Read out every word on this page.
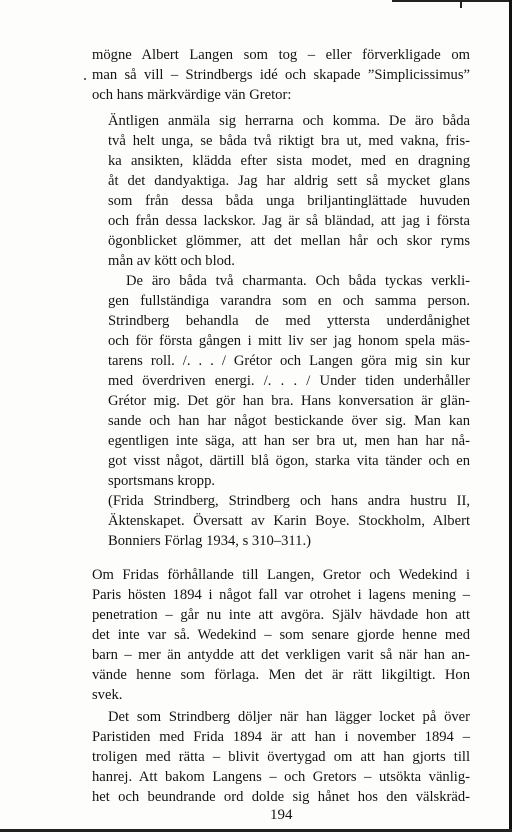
mögne Albert Langen som tog – eller förverkligade om
man så vill – Strindbergs idé och skapade ”Simplicissimus”
och hans märkvärdige vän Gretor:
Äntligen anmäla sig herrarna och komma. De äro båda
två helt unga, se båda två riktigt bra ut, med vakna, fris-
ka ansikten, klädda efter sista modet, med en dragning
åt det dandyaktiga. Jag har aldrig sett så mycket glans
som från dessa båda unga briljantinglättade huvuden
och från dessa lackskor. Jag är så bländad, att jag i första
ögonblicket glömmer, att det mellan hår och skor ryms
mån av kött och blod.
De äro båda två charmanta. Och båda tyckas verkli-
gen fullständiga varandra som en och samma person.
Strindberg behandla de med yttersta underdånighet
och för första gången i mitt liv ser jag honom spela mäs-
tarens roll. /. . . / Grétor och Langen göra mig sin kur
med överdriven energi. /. . . / Under tiden underhåller
Grétor mig. Det gör han bra. Hans konversation är glän-
sande och han har något bestickande över sig. Man kan
egentligen inte säga, att han ser bra ut, men han har nå-
got visst något, därtill blå ögon, starka vita tänder och en
sportsmans kropp.
(Frida Strindberg, Strindberg och hans andra hustru II,
Äktenskapet. Översatt av Karin Boye. Stockholm, Albert
Bonniers Förlag 1934, s 310–311.)
Om Fridas förhållande till Langen, Gretor och Wedekind i
Paris hösten 1894 i något fall var otrohet i lagens mening –
penetration – går nu inte att avgöra. Själv hävdade hon att
det inte var så. Wedekind – som senare gjorde henne med
barn – mer än antydde att det verkligen varit så när han an-
vände henne som förlaga. Men det är rätt likgiltigt. Hon
svek.
Det som Strindberg döljer när han lägger locket på över
Paristiden med Frida 1894 är att han i november 1894 –
troligen med rätta – blivit övertygad om att han gjorts till
hanrej. Att bakom Langens – och Gretors – utsökta vänlig-
het och beundrande ord dolde sig hånet hos den välskräd-
194
